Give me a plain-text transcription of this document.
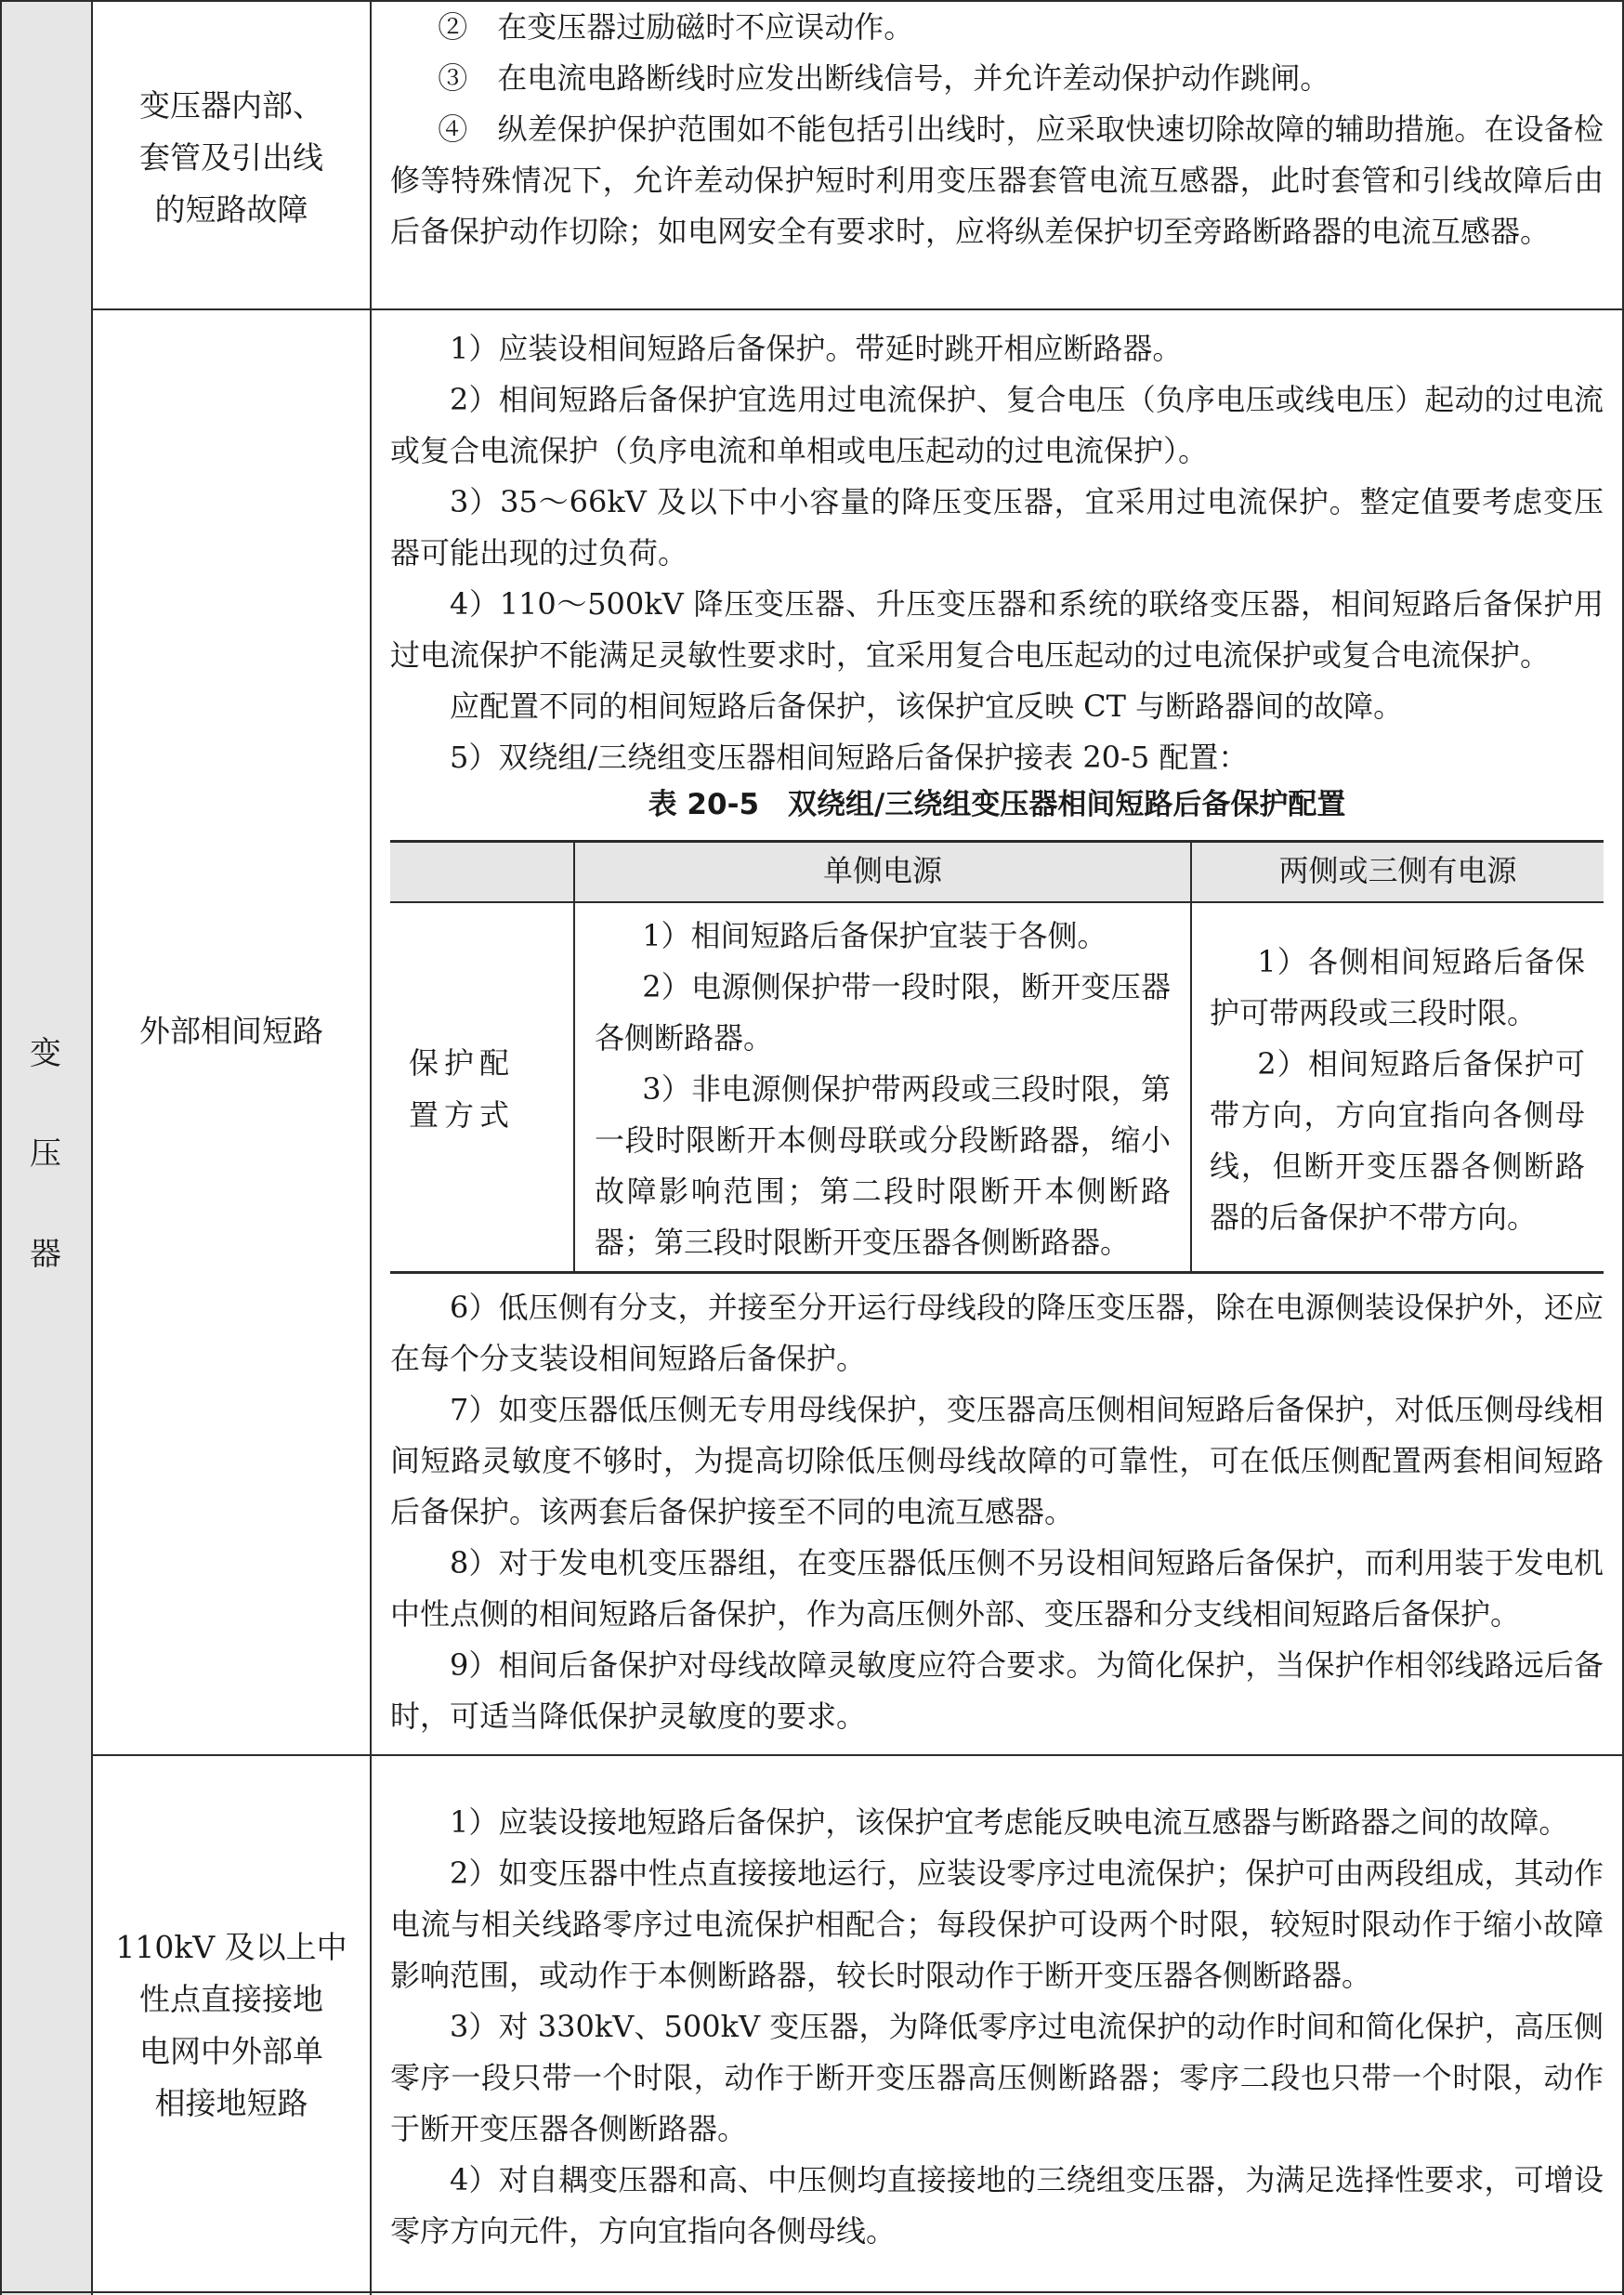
变
压
器
变压器内部、
套管及引出线
的短路故障

②　在变压器过励磁时不应误动作。

③　在电流电路断线时应发出断线信号，并允许差动保护动作跳闸。

④　纵差保护保护范围如不能包括引出线时，应采取快速切除故障的辅助措施。在设备检修等特殊情况下，允许差动保护短时利用变压器套管电流互感器，此时套管和引线故障后由后备保护动作切除；如电网安全有要求时，应将纵差保护切至旁路断路器的电流互感器。

外部相间短路

1）应装设相间短路后备保护。带延时跳开相应断路器。

2）相间短路后备保护宜选用过电流保护、复合电压（负序电压或线电压）起动的过电流或复合电流保护（负序电流和单相或电压起动的过电流保护）。

3）35～66kV 及以下中小容量的降压变压器，宜采用过电流保护。整定值要考虑变压器可能出现的过负荷。

4）110～500kV 降压变压器、升压变压器和系统的联络变压器，相间短路后备保护用过电流保护不能满足灵敏性要求时，宜采用复合电压起动的过电流保护或复合电流保护。

应配置不同的相间短路后备保护，该保护宜反映 CT 与断路器间的故障。

5）双绕组/三绕组变压器相间短路后备保护接表 20-5 配置：

表 20-5　双绕组/三绕组变压器相间短路后备保护配置
单侧电源	两侧或三侧有电源
保护配置方式

1）相间短路后备保护宜装于各侧。

2）电源侧保护带一段时限，断开变压器各侧断路器。

3）非电源侧保护带两段或三段时限，第一段时限断开本侧母联或分段断路器，缩小故障影响范围；第二段时限断开本侧断路器；第三段时限断开变压器各侧断路器。

1）各侧相间短路后备保护可带两段或三段时限。

2）相间短路后备保护可带方向，方向宜指向各侧母线，但断开变压器各侧断路器的后备保护不带方向。

6）低压侧有分支，并接至分开运行母线段的降压变压器，除在电源侧装设保护外，还应在每个分支装设相间短路后备保护。

7）如变压器低压侧无专用母线保护，变压器高压侧相间短路后备保护，对低压侧母线相间短路灵敏度不够时，为提高切除低压侧母线故障的可靠性，可在低压侧配置两套相间短路后备保护。该两套后备保护接至不同的电流互感器。

8）对于发电机变压器组，在变压器低压侧不另设相间短路后备保护，而利用装于发电机中性点侧的相间短路后备保护，作为高压侧外部、变压器和分支线相间短路后备保护。

9）相间后备保护对母线故障灵敏度应符合要求。为简化保护，当保护作相邻线路远后备时，可适当降低保护灵敏度的要求。

110kV 及以上中
性点直接接地
电网中外部单
相接地短路

1）应装设接地短路后备保护，该保护宜考虑能反映电流互感器与断路器之间的故障。

2）如变压器中性点直接接地运行，应装设零序过电流保护；保护可由两段组成，其动作电流与相关线路零序过电流保护相配合；每段保护可设两个时限，较短时限动作于缩小故障影响范围，或动作于本侧断路器，较长时限动作于断开变压器各侧断路器。

3）对 330kV、500kV 变压器，为降低零序过电流保护的动作时间和简化保护，高压侧零序一段只带一个时限，动作于断开变压器高压侧断路器；零序二段也只带一个时限，动作于断开变压器各侧断路器。

4）对自耦变压器和高、中压侧均直接接地的三绕组变压器，为满足选择性要求，可增设零序方向元件，方向宜指向各侧母线。
